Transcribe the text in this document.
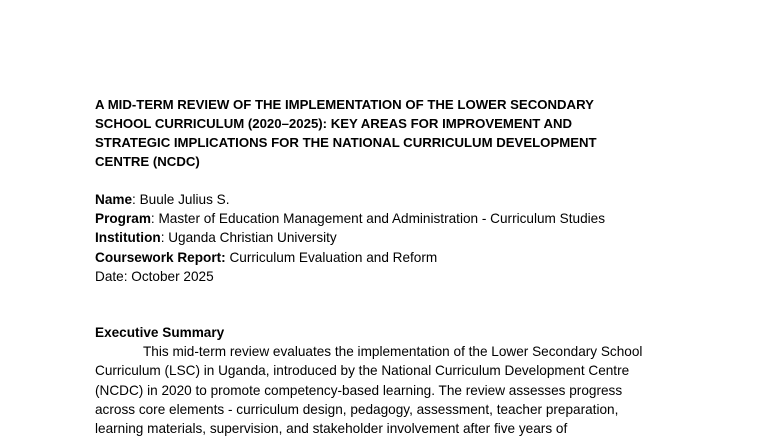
A MID-TERM REVIEW OF THE IMPLEMENTATION OF THE LOWER SECONDARY
SCHOOL CURRICULUM (2020–2025): KEY AREAS FOR IMPROVEMENT AND
STRATEGIC IMPLICATIONS FOR THE NATIONAL CURRICULUM DEVELOPMENT
CENTRE (NCDC)
Name: Buule Julius S.
Program: Master of Education Management and Administration - Curriculum Studies
Institution: Uganda Christian University
Coursework Report: Curriculum Evaluation and Reform
Date: October 2025
Executive Summary
This mid-term review evaluates the implementation of the Lower Secondary School
Curriculum (LSC) in Uganda, introduced by the National Curriculum Development Centre
(NCDC) in 2020 to promote competency-based learning. The review assesses progress
across core elements - curriculum design, pedagogy, assessment, teacher preparation,
learning materials, supervision, and stakeholder involvement after five years of
